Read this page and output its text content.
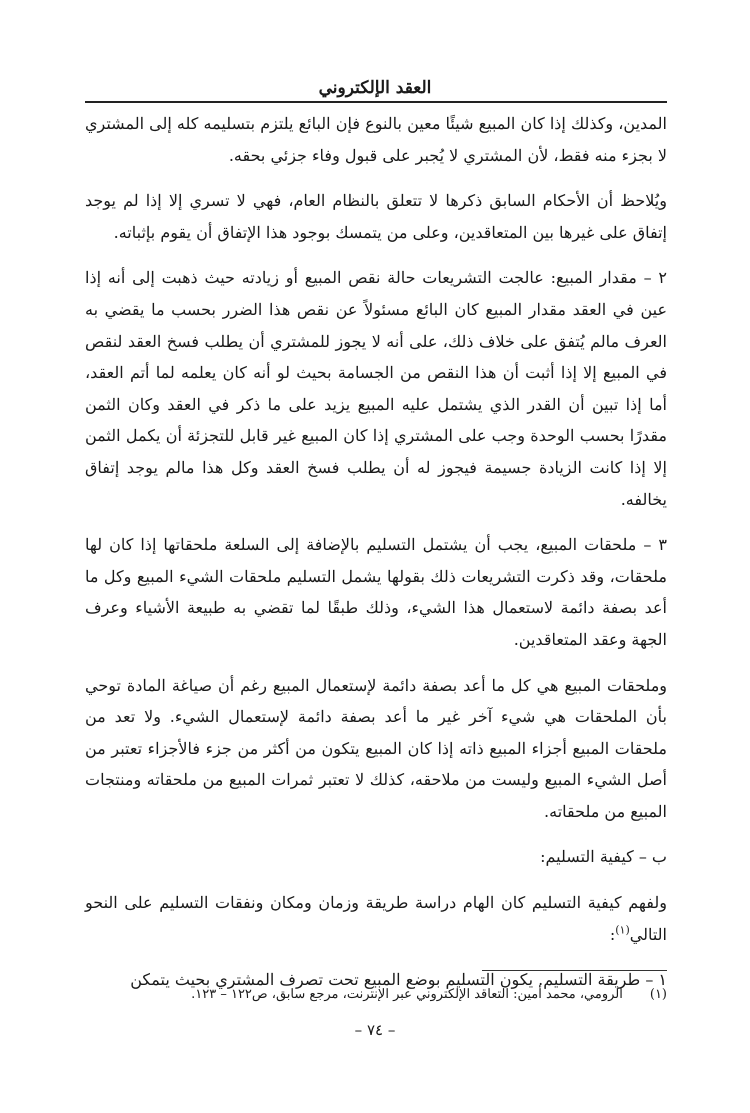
العقد الإلكتروني

المدين، وكذلك إذا كان المبيع شيئًا معين بالنوع فإن البائع يلتزم بتسليمه كله إلى المشتري لا بجزء منه فقط، لأن المشتري لا يُجبر على قبول وفاء جزئي بحقه.

ويُلاحظ أن الأحكام السابق ذكرها لا تتعلق بالنظام العام، فهي لا تسري إلا إذا لم يوجد إتفاق على غيرها بين المتعاقدين، وعلى من يتمسك بوجود هذا الإتفاق أن يقوم بإثباته.

٢ – مقدار المبيع: عالجت التشريعات حالة نقص المبيع أو زيادته حيث ذهبت إلى أنه إذا عين في العقد مقدار المبيع كان البائع مسئولاً عن نقص هذا الضرر بحسب ما يقضي به العرف مالم يُتفق على خلاف ذلك، على أنه لا يجوز للمشتري أن يطلب فسخ العقد لنقص في المبيع إلا إذا أثبت أن هذا النقص من الجسامة بحيث لو أنه كان يعلمه لما أتم العقد، أما إذا تبين أن القدر الذي يشتمل عليه المبيع يزيد على ما ذكر في العقد وكان الثمن مقدرًا بحسب الوحدة وجب على المشتري إذا كان المبيع غير قابل للتجزئة أن يكمل الثمن إلا إذا كانت الزيادة جسيمة فيجوز له أن يطلب فسخ العقد وكل هذا مالم يوجد إتفاق يخالفه.

٣ – ملحقات المبيع، يجب أن يشتمل التسليم بالإضافة إلى السلعة ملحقاتها إذا كان لها ملحقات، وقد ذكرت التشريعات ذلك بقولها يشمل التسليم ملحقات الشيء المبيع وكل ما أعد بصفة دائمة لاستعمال هذا الشيء، وذلك طبقًا لما تقضي به طبيعة الأشياء وعرف الجهة وعقد المتعاقدين.

وملحقات المبيع هي كل ما أعد بصفة دائمة لإستعمال المبيع رغم أن صياغة المادة توحي بأن الملحقات هي شيء آخر غير ما أعد بصفة دائمة لإستعمال الشيء. ولا تعد من ملحقات المبيع أجزاء المبيع ذاته إذا كان المبيع يتكون من أكثر من جزء فالأجزاء تعتبر من أصل الشيء المبيع وليست من ملاحقه، كذلك لا تعتبر ثمرات المبيع من ملحقاته ومنتجات المبيع من ملحقاته.

ب – كيفية التسليم:

ولفهم كيفية التسليم كان الهام دراسة طريقة وزمان ومكان ونفقات التسليم على النحو التالي$^{(١)}$:

١ – طريقة التسليم. يكون التسليم بوضع المبيع تحت تصرف المشتري بحيث يتمكن

(١) الرومي، محمد أمين: التعاقد الإلكتروني عبر الإنترنت، مرجع سابق، ص١٢٢ – ١٢٣.
– ٧٤ –
